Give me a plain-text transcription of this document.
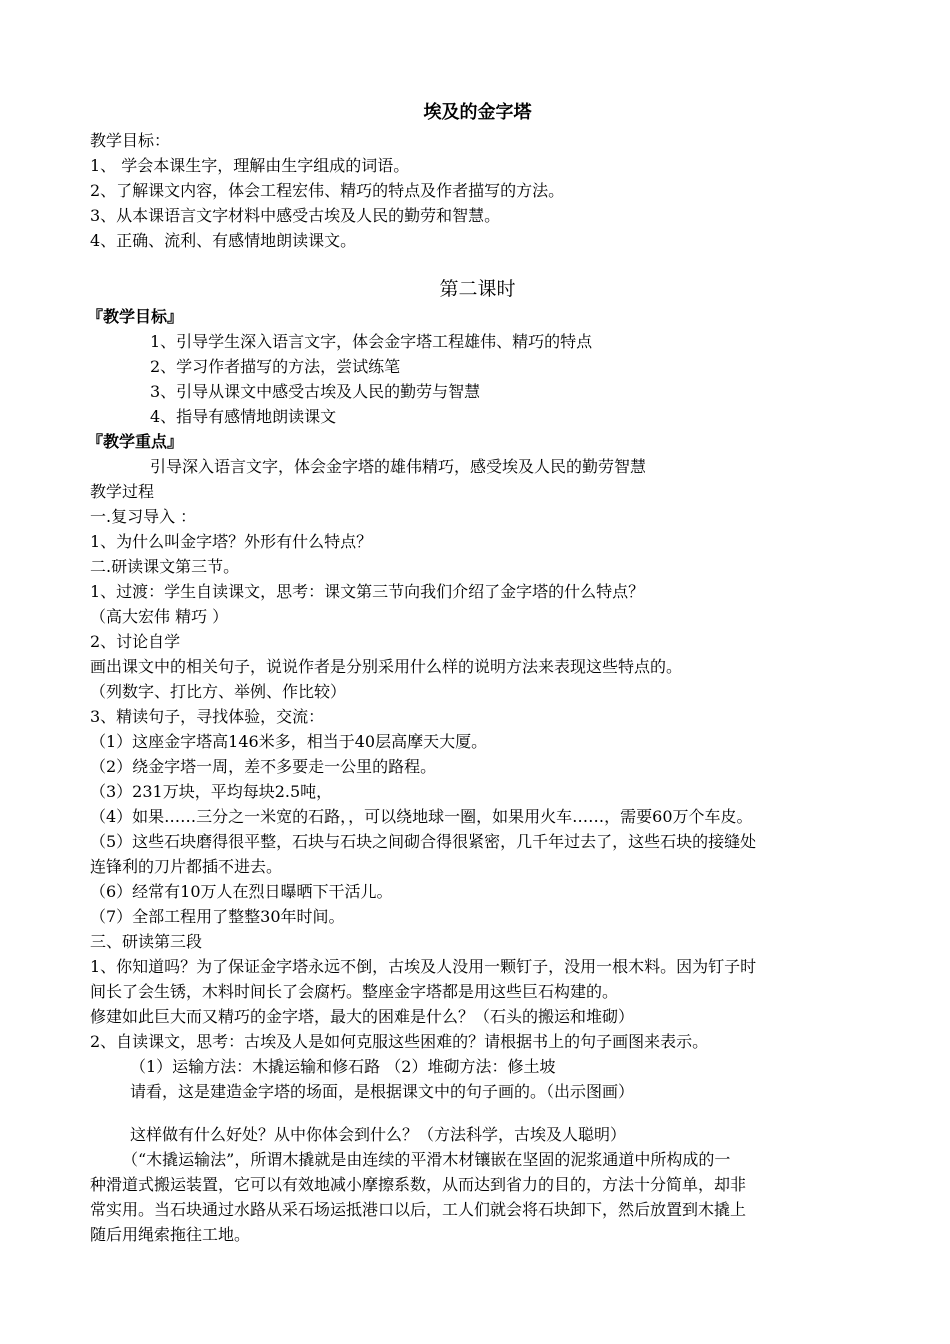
埃及的金字塔
教学目标：
1、 学会本课生字，理解由生字组成的词语。
2、了解课文内容，体会工程宏伟、精巧的特点及作者描写的方法。
3、从本课语言文字材料中感受古埃及人民的勤劳和智慧。
4、正确、流利、有感情地朗读课文。
第二课时
『教学目标』
1、引导学生深入语言文字，体会金字塔工程雄伟、精巧的特点
2、学习作者描写的方法，尝试练笔
3、引导从课文中感受古埃及人民的勤劳与智慧
4、指导有感情地朗读课文
『教学重点』
引导深入语言文字，体会金字塔的雄伟精巧，感受埃及人民的勤劳智慧
教学过程
一.复习导入 ：
1、为什么叫金字塔？外形有什么特点？
二.研读课文第三节。
1、过渡：学生自读课文，思考：课文第三节向我们介绍了金字塔的什么特点？
（高大宏伟 精巧 ）
2、讨论自学
画出课文中的相关句子，说说作者是分别采用什么样的说明方法来表现这些特点的。
（列数字、打比方、举例、作比较）
3、精读句子，寻找体验，交流：
（1）这座金字塔高146米多，相当于40层高摩天大厦。
（2）绕金字塔一周，差不多要走一公里的路程。
（3）231万块，平均每块2.5吨，
（4）如果……三分之一米宽的石路，，可以绕地球一圈，如果用火车……，需要60万个车皮。
（5）这些石块磨得很平整，石块与石块之间砌合得很紧密，几千年过去了，这些石块的接缝处
连锋利的刀片都插不进去。
（6）经常有10万人在烈日曝晒下干活儿。
（7）全部工程用了整整30年时间。
三、研读第三段
1、你知道吗？为了保证金字塔永远不倒，古埃及人没用一颗钉子，没用一根木料。因为钉子时
间长了会生锈，木料时间长了会腐朽。整座金字塔都是用这些巨石构建的。
修建如此巨大而又精巧的金字塔，最大的困难是什么？（石头的搬运和堆砌）
2、自读课文，思考：古埃及人是如何克服这些困难的？请根据书上的句子画图来表示。
（1）运输方法：木撬运输和修石路 （2）堆砌方法：修土坡
请看，这是建造金字塔的场面，是根据课文中的句子画的。（出示图画）
这样做有什么好处？从中你体会到什么？（方法科学，古埃及人聪明）
（“木撬运输法”，所谓木撬就是由连续的平滑木材镶嵌在坚固的泥浆通道中所构成的一
种滑道式搬运装置，它可以有效地减小摩擦系数，从而达到省力的目的，方法十分简单，却非
常实用。当石块通过水路从采石场运抵港口以后，工人们就会将石块卸下，然后放置到木撬上
随后用绳索拖往工地。
